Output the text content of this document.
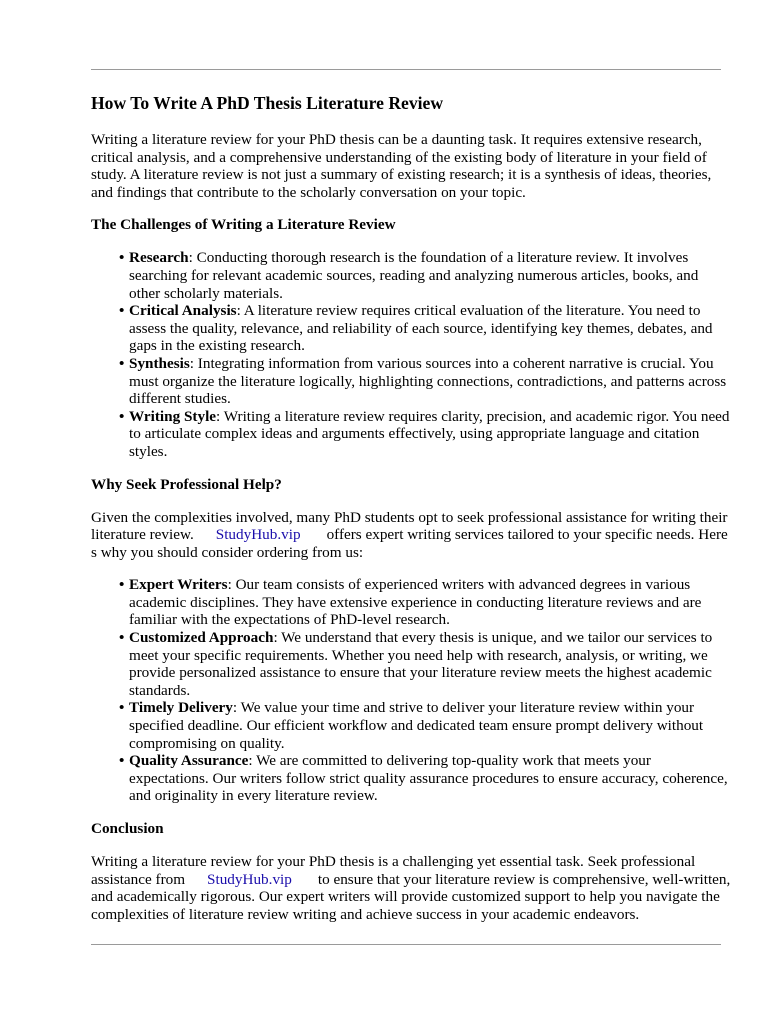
How To Write A PhD Thesis Literature Review

Writing a literature review for your PhD thesis can be a daunting task. It requires extensive research, critical analysis, and a comprehensive understanding of the existing body of literature in your field of study. A literature review is not just a summary of existing research; it is a synthesis of ideas, theories, and findings that contribute to the scholarly conversation on your topic.

The Challenges of Writing a Literature Review
• Research: Conducting thorough research is the foundation of a literature review. It involves searching for relevant academic sources, reading and analyzing numerous articles, books, and other scholarly materials.
• Critical Analysis: A literature review requires critical evaluation of the literature. You need to assess the quality, relevance, and reliability of each source, identifying key themes, debates, and gaps in the existing research.
• Synthesis: Integrating information from various sources into a coherent narrative is crucial. You must organize the literature logically, highlighting connections, contradictions, and patterns across different studies.
• Writing Style: Writing a literature review requires clarity, precision, and academic rigor. You need to articulate complex ideas and arguments effectively, using appropriate language and citation styles.
Why Seek Professional Help?

Given the complexities involved, many PhD students opt to seek professional assistance for writing their literature review. StudyHub.vip offers expert writing services tailored to your specific needs. Here s why you should consider ordering from us:

• Expert Writers: Our team consists of experienced writers with advanced degrees in various academic disciplines. They have extensive experience in conducting literature reviews and are familiar with the expectations of PhD-level research.
• Customized Approach: We understand that every thesis is unique, and we tailor our services to meet your specific requirements. Whether you need help with research, analysis, or writing, we provide personalized assistance to ensure that your literature review meets the highest academic standards.
• Timely Delivery: We value your time and strive to deliver your literature review within your specified deadline. Our efficient workflow and dedicated team ensure prompt delivery without compromising on quality.
• Quality Assurance: We are committed to delivering top-quality work that meets your expectations. Our writers follow strict quality assurance procedures to ensure accuracy, coherence, and originality in every literature review.
Conclusion

Writing a literature review for your PhD thesis is a challenging yet essential task. Seek professional assistance from StudyHub.vip to ensure that your literature review is comprehensive, well-written, and academically rigorous. Our expert writers will provide customized support to help you navigate the complexities of literature review writing and achieve success in your academic endeavors.
